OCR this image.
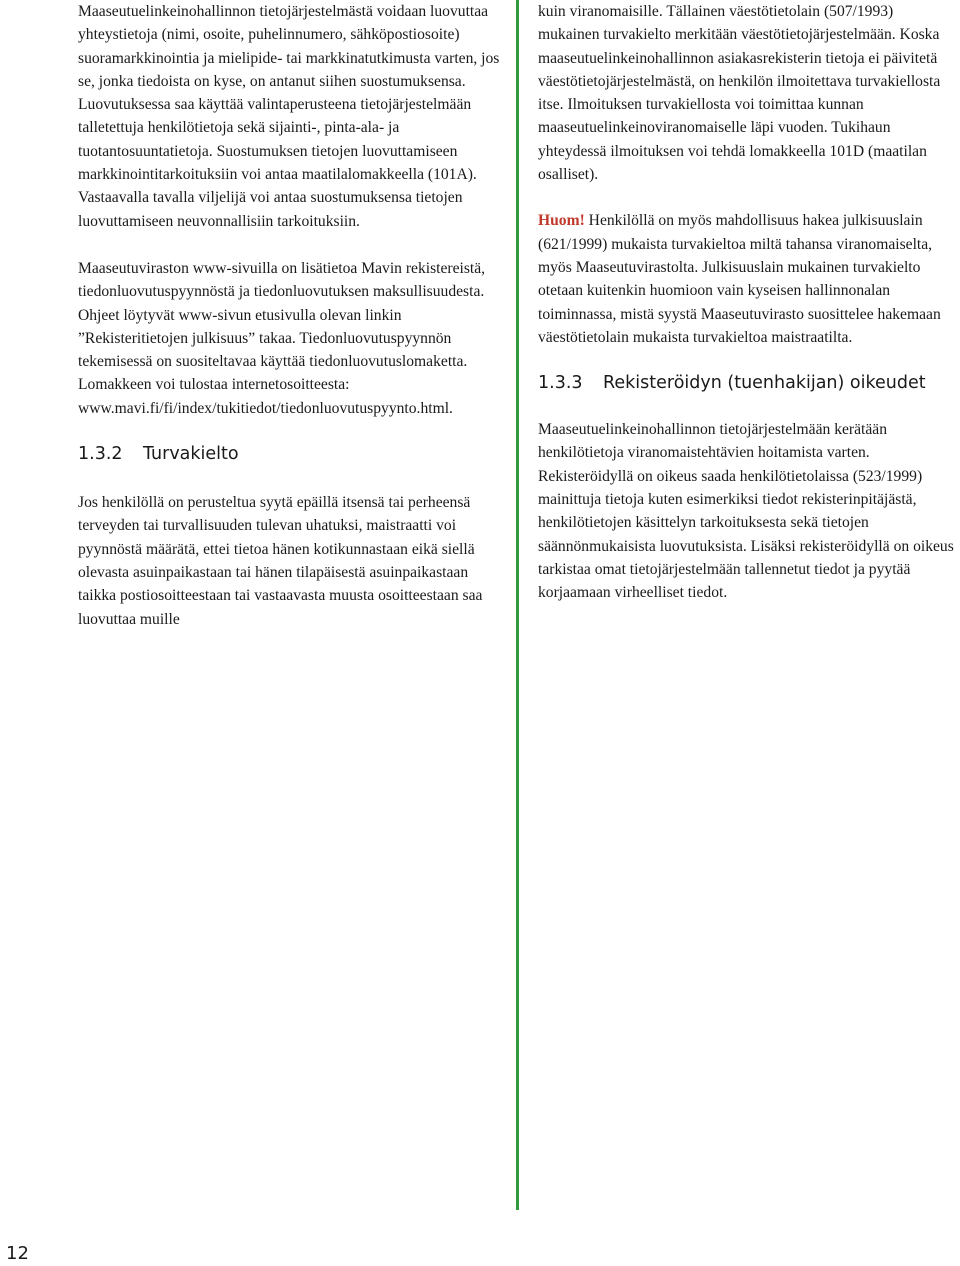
Maaseutuelinkeinohallinnon tietojärjestelmästä voidaan luovuttaa yhteystietoja (nimi, osoite, puhelinnumero, sähköpostiosoite) suoramarkkinointia ja mielipide- tai markkinatutkimusta varten, jos se, jonka tiedoista on kyse, on antanut siihen suostumuksensa. Luovutuksessa saa käyttää valintaperusteena tietojärjestelmään talletettuja henkilötietoja sekä sijainti-, pinta-ala- ja tuotantosuuntatietoja. Suostumuksen tietojen luovuttamiseen markkinointitarkoituksiin voi antaa maatilalomakkeella (101A). Vastaavalla tavalla viljelijä voi antaa suostumuksensa tietojen luovuttamiseen neuvonnallisiin tarkoituksiin.

Maaseutuviraston www-sivuilla on lisätietoa Mavin rekistereistä, tiedonluovutuspyynnöstä ja tiedonluovutuksen maksullisuudesta. Ohjeet löytyvät www-sivun etusivulla olevan linkin ”Rekisteritietojen julkisuus” takaa. Tiedonluovutuspyynnön tekemisessä on suositeltavaa käyttää tiedonluovutuslomaketta. Lomakkeen voi tulostaa internetosoitteesta: www.mavi.fi/fi/index/tukitiedot/tiedonluovutuspyynto.html.

1.3.2	Turvakielto

Jos henkilöllä on perusteltua syytä epäillä itsensä tai perheensä terveyden tai turvallisuuden tulevan uhatuksi, maistraatti voi pyynnöstä määrätä, ettei tietoa hänen kotikunnastaan eikä siellä olevasta asuinpaikastaan tai hänen tilapäisestä asuinpaikastaan taikka postiosoitteestaan tai vastaavasta muusta osoitteestaan saa luovuttaa muille

kuin viranomaisille. Tällainen väestötietolain (507/1993) mukainen turvakielto merkitään väestötietojärjestelmään. Koska maaseutuelinkeinohallinnon asiakasrekisterin tietoja ei päivitetä väestötietojärjestelmästä, on henkilön ilmoitettava turvakiellosta itse. Ilmoituksen turvakiellosta voi toimittaa kunnan maaseutuelinkeinoviranomaiselle läpi vuoden. Tukihaun yhteydessä ilmoituksen voi tehdä lomakkeella 101D (maatilan osalliset).

Huom! Henkilöllä on myös mahdollisuus hakea julkisuuslain (621/1999) mukaista turvakieltoa miltä tahansa viranomaiselta, myös Maaseutuvirastolta. Julkisuuslain mukainen turvakielto otetaan kuitenkin huomioon vain kyseisen hallinnonalan toiminnassa, mistä syystä Maaseutuvirasto suosittelee hakemaan väestötietolain mukaista turvakieltoa maistraatilta.

1.3.3	Rekisteröidyn (tuenhakijan) oikeudet

Maaseutuelinkeinohallinnon tietojärjestelmään kerätään henkilötietoja viranomaistehtävien hoitamista varten. Rekisteröidyllä on oikeus saada henkilötietolaissa (523/1999) mainittuja tietoja kuten esimerkiksi tiedot rekisterinpitäjästä, henkilötietojen käsittelyn tarkoituksesta sekä tietojen säännönmukaisista luovutuksista. Lisäksi rekisteröidyllä on oikeus tarkistaa omat tietojärjestelmään tallennetut tiedot ja pyytää korjaamaan virheelliset tiedot.

12
